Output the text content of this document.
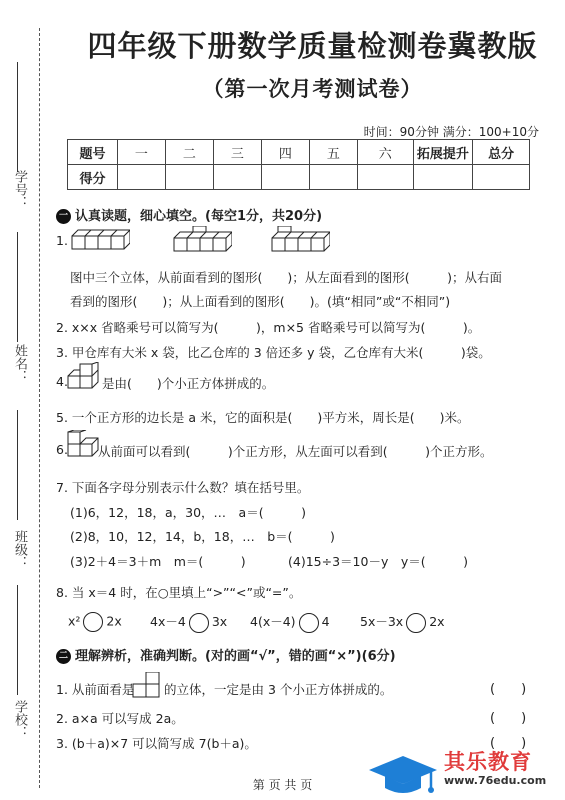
学号：
姓名：
班级：
学校：
四年级下册数学质量检测卷冀教版
（第一次月考测试卷）
时间：90分钟 满分：100+10分
题号	一	二	三	四	五	六	拓展提升	总分
得分								
一 认真读题，细心填空。(每空1分，共20分)
1.
图中三个立体，从前面看到的图形(　　)；从左面看到的图形(　　　)；从右面
看到的图形(　　)；从上面看到的图形(　　)。(填“相同”或“不相同”)
2. x×x 省略乘号可以简写为(　　　)，m×5 省略乘号可以简写为(　　　)。
3. 甲仓库有大米 x 袋，比乙仓库的 3 倍还多 y 袋，乙仓库有大米(　　　)袋。
4.	是由(　　)个小正方体拼成的。
5. 一个正方形的边长是 a 米，它的面积是(　　)平方米，周长是(　　)米。
6. 从前面可以看到(　　　)个正方形，从左面可以看到(　　　)个正方形。
7. 下面各字母分别表示什么数？填在括号里。
(1)6，12，18，a，30，…　a＝(　　　)
(2)8，10，12，14，b，18，…　b＝(　　　)
(3)2＋4＝3＋m　m＝(　　　)	(4)15÷3＝10－y　y＝(　　　)
8. 当 x＝4 时，在○里填上“>”“<”或“=”。
x² 2x 4x－4 3x 4(x－4) 4 5x－3x 2x
二 理解辨析，准确判断。(对的画“√”，错的画“×”)(6分)
1. 从前面看是 的立体，一定是由 3 个小正方体拼成的。	(　　)
2. a×a 可以写成 2a。	(　　)
3. (b＋a)×7 可以简写成 7(b＋a)。	(　　)
第 页 共 页
其乐教育
www.76edu.com
